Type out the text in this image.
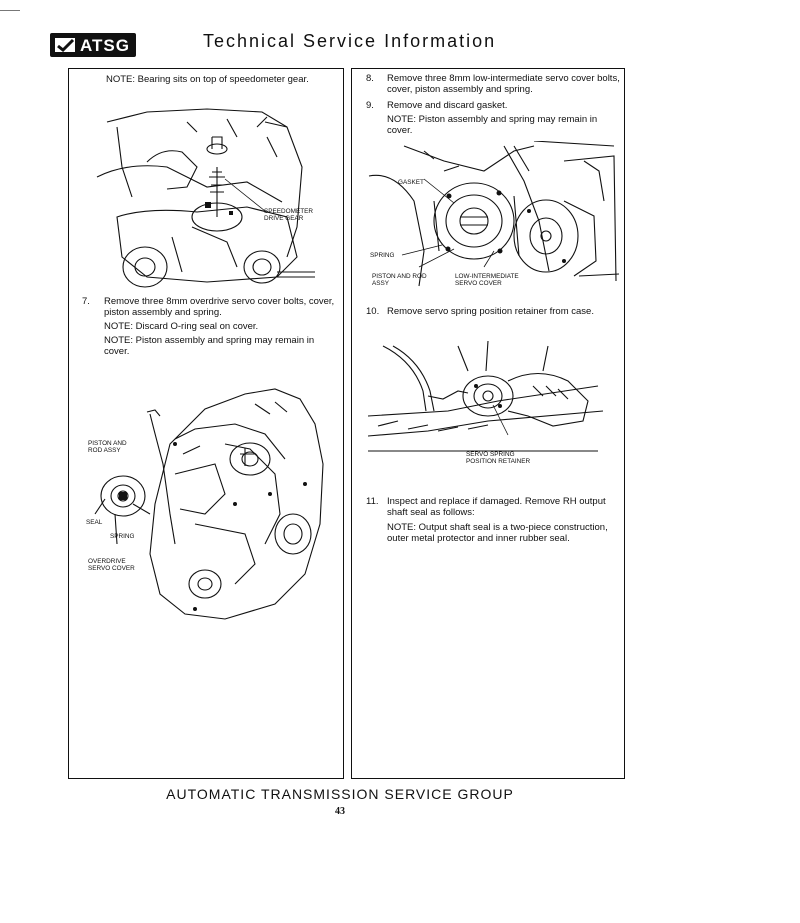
ATSG	Technical Service Information
NOTE: Bearing sits on top of speedometer gear.
SPEEDOMETER
DRIVE GEAR
7. Remove three 8mm overdrive servo cover bolts, cover, piston assembly and spring.
NOTE: Discard O-ring seal on cover.
NOTE: Piston assembly and spring may remain in cover.
PISTON AND
ROD ASSY
SEAL
SPRING
OVERDRIVE
SERVO COVER
8. Remove three 8mm low-intermediate servo cover bolts, cover, piston assembly and spring.
9. Remove and discard gasket.
NOTE: Piston assembly and spring may remain in cover.
GASKET
SPRING
PISTON AND ROD
ASSY
LOW-INTERMEDIATE
SERVO COVER
10. Remove servo spring position retainer from case.
SERVO SPRING
POSITION RETAINER
11. Inspect and replace if damaged. Remove RH output shaft seal as follows:
NOTE: Output shaft seal is a two-piece construction, outer metal protector and inner rubber seal.
AUTOMATIC TRANSMISSION SERVICE GROUP
43
